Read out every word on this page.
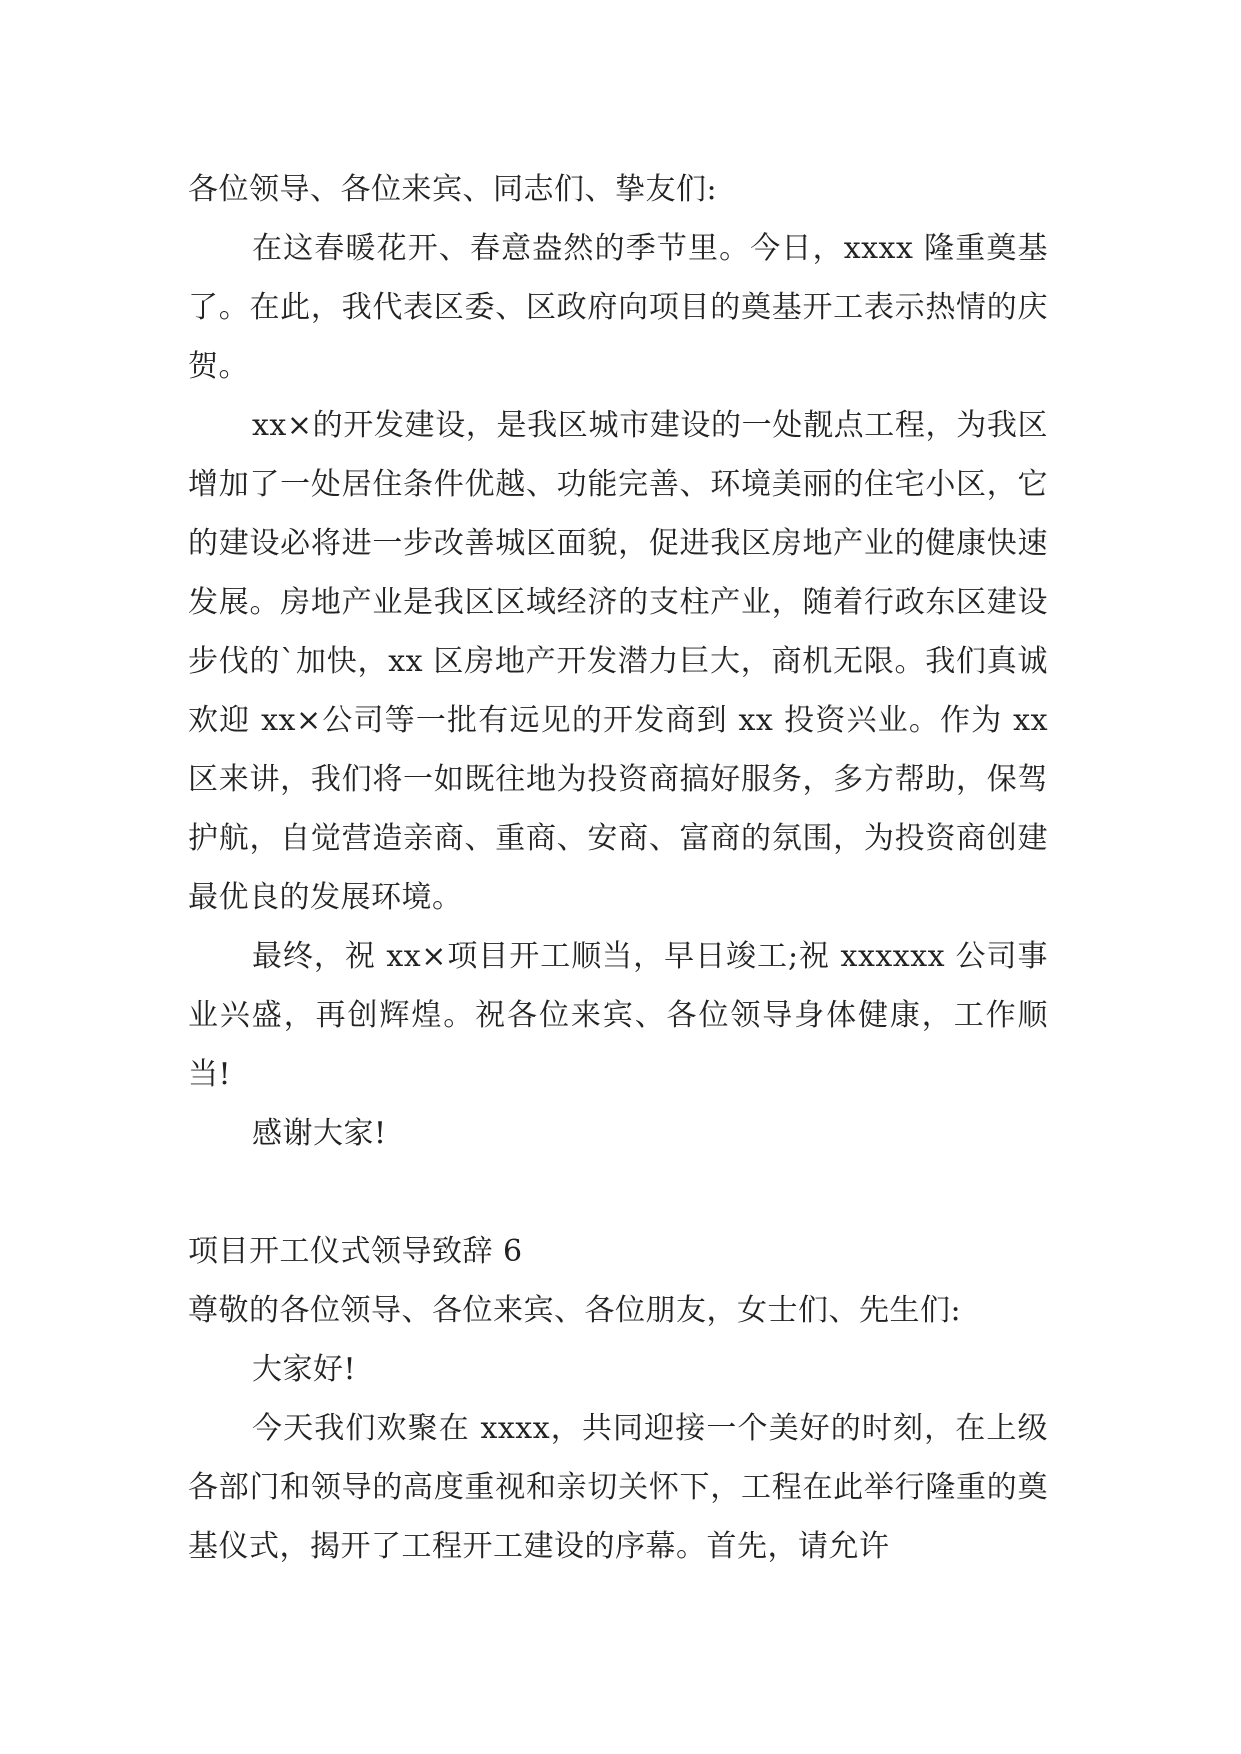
各位领导、各位来宾、同志们、挚友们:

在这春暖花开、春意盎然的季节里。今日，xxxx 隆重奠基了。在此，我代表区委、区政府向项目的奠基开工表示热情的庆贺。

xx×的开发建设，是我区城市建设的一处靓点工程，为我区增加了一处居住条件优越、功能完善、环境美丽的住宅小区，它的建设必将进一步改善城区面貌，促进我区房地产业的健康快速发展。房地产业是我区区域经济的支柱产业，随着行政东区建设步伐的`加快，xx 区房地产开发潜力巨大，商机无限。我们真诚欢迎 xx×公司等一批有远见的开发商到 xx 投资兴业。作为 xx 区来讲，我们将一如既往地为投资商搞好服务，多方帮助，保驾护航，自觉营造亲商、重商、安商、富商的氛围，为投资商创建最优良的发展环境。

最终，祝 xx×项目开工顺当，早日竣工;祝 xxxxxx 公司事业兴盛，再创辉煌。祝各位来宾、各位领导身体健康，工作顺当!

感谢大家!

项目开工仪式领导致辞 6

尊敬的各位领导、各位来宾、各位朋友，女士们、先生们:

大家好!

今天我们欢聚在 xxxx，共同迎接一个美好的时刻，在上级各部门和领导的高度重视和亲切关怀下，工程在此举行隆重的奠基仪式，揭开了工程开工建设的序幕。首先，请允许
